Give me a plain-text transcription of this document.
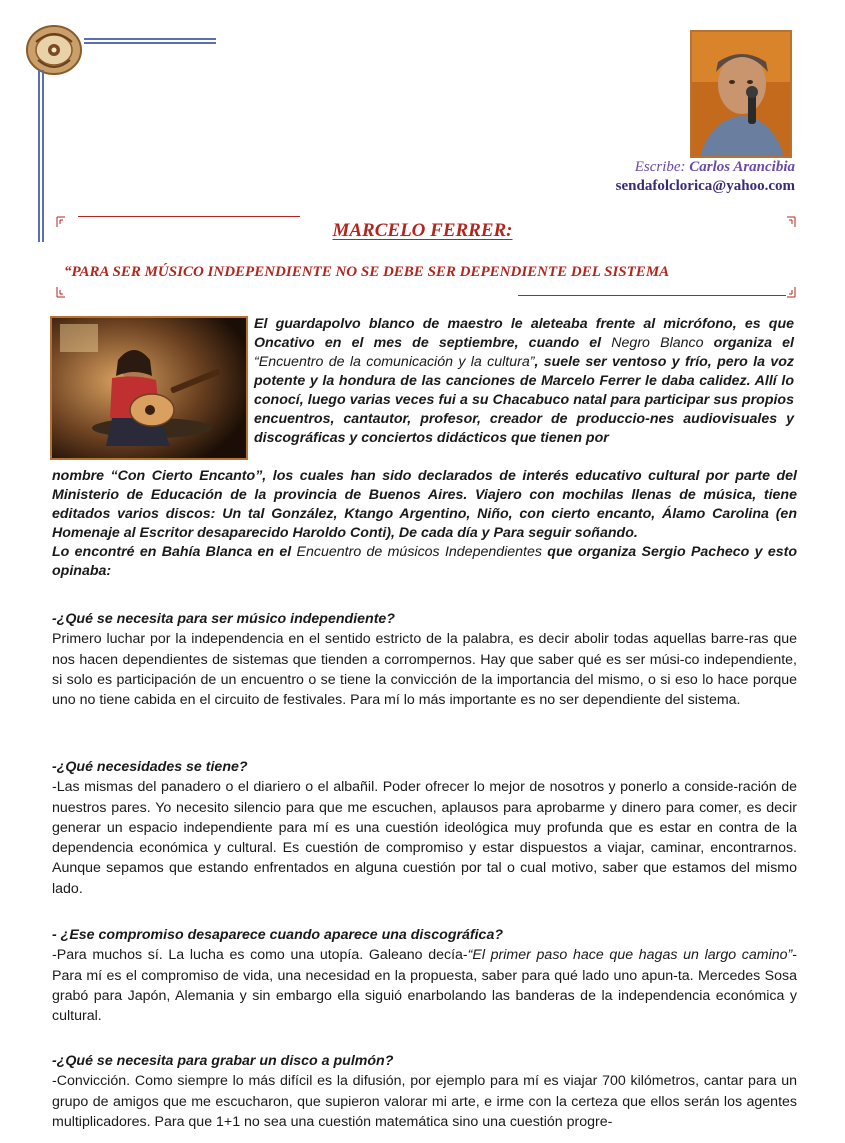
Escribe: Carlos Arancibia
sendafolclorica@yahoo.com
MARCELO FERRER:
“PARA SER MÚSICO INDEPENDIENTE NO SE DEBE SER DEPENDIENTE DEL SISTEMA
El guardapolvo blanco de maestro le aleteaba frente al micrófono, es que Oncativo en el mes de septiembre, cuando el Negro Blanco organiza el “Encuentro de la comunicación y la cultura”, suele ser ventoso y frío, pero la voz potente y la hondura de las canciones de Marcelo Ferrer le daba calidez. Allí lo conocí, luego varias veces fui a su Chacabuco natal para participar sus propios encuentros, cantautor, profesor, creador de produccio-nes audiovisuales y discográficas y conciertos didácticos que tienen por
nombre “Con Cierto Encanto”, los cuales han sido declarados de interés educativo cultural por parte del Ministerio de Educación de la provincia de Buenos Aires. Viajero con mochilas llenas de música, tiene editados varios discos: Un tal González, Ktango Argentino, Niño, con cierto encanto, Álamo Carolina (en Homenaje al Escritor desaparecido Haroldo Conti), De cada día y Para seguir soñando.
Lo encontré en Bahía Blanca en el Encuentro de músicos Independientes que organiza Sergio Pacheco y esto opinaba:
-¿Qué se necesita para ser músico independiente?
Primero luchar por la independencia en el sentido estricto de la palabra, es decir abolir todas aquellas barre-ras que nos hacen dependientes de sistemas que tienden a corrompernos. Hay que saber qué es ser músi-co independiente, si solo es participación de un encuentro o se tiene la convicción de la importancia del mismo, o si eso lo hace porque uno no tiene cabida en el circuito de festivales. Para mí lo más importante es no ser dependiente del sistema.
-¿Qué necesidades se tiene?
-Las mismas del panadero o el diariero o el albañil. Poder ofrecer lo mejor de nosotros y ponerlo a conside-ración de nuestros pares. Yo necesito silencio para que me escuchen, aplausos para aprobarme y dinero para comer, es decir generar un espacio independiente para mí es una cuestión ideológica muy profunda que es estar en contra de la dependencia económica y cultural. Es cuestión de compromiso y estar dispuestos a viajar, caminar, encontrarnos. Aunque sepamos que estando enfrentados en alguna cuestión por tal o cual motivo, saber que estamos del mismo lado.
- ¿Ese compromiso desaparece cuando aparece una discográfica?
-Para muchos sí. La lucha es como una utopía. Galeano decía-“El primer paso hace que hagas un largo camino”- Para mí es el compromiso de vida, una necesidad en la propuesta, saber para qué lado uno apun-ta. Mercedes Sosa grabó para Japón, Alemania y sin embargo ella siguió enarbolando las banderas de la independencia económica y cultural.
-¿Qué se necesita para grabar un disco a pulmón?
-Convicción. Como siempre lo más difícil es la difusión, por ejemplo para mí es viajar 700 kilómetros, cantar para un grupo de amigos que me escucharon, que supieron valorar mi arte, e irme con la certeza que ellos serán los agentes multiplicadores. Para que 1+1 no sea una cuestión matemática sino una cuestión progre-
